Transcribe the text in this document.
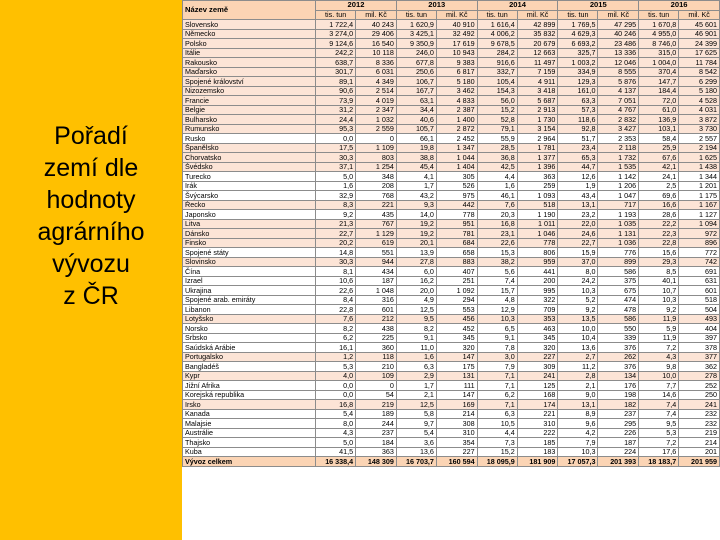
Pořadí
zemí dle
hodnoty
agrárního
vývozu
z ČR
Název země	2012		2013		2014		2015		2016	
	tis. tun	mil. Kč	tis. tun	mil. Kč	tis. tun	mil. Kč	tis. tun	mil. Kč	tis. tun	mil. Kč
Slovensko	1 722,4	40 243	1 620,9	40 910	1 616,4	42 899	1 769,5	47 295	1 670,8	45 601
Německo	3 274,0	29 406	3 425,1	32 492	4 006,2	35 832	4 629,3	40 246	4 955,0	46 901
Polsko	9 124,6	16 540	9 350,9	17 619	9 678,5	20 679	6 693,2	23 486	8 746,0	24 399
Itálie	242,2	10 118	246,0	10 943	284,2	12 663	325,7	13 336	315,0	17 625
Rakousko	638,7	8 336	677,8	9 383	916,6	11 497	1 003,2	12 046	1 004,0	11 784
Maďarsko	301,7	6 031	250,6	6 817	332,7	7 159	334,9	8 555	370,4	8 542
Spojené království	89,1	4 349	106,7	5 180	105,4	4 911	129,3	5 876	147,7	6 299
Nizozemsko	90,6	2 514	167,7	3 462	154,3	3 418	161,0	4 137	184,4	5 180
Francie	73,9	4 019	63,1	4 833	56,0	5 687	63,3	7 051	72,0	4 528
Belgie	31,2	2 347	34,4	2 387	15,2	2 913	57,3	4 767	61,0	4 031
Bulharsko	24,4	1 032	40,6	1 400	52,8	1 730	118,6	2 832	136,9	3 872
Rumunsko	95,3	2 559	105,7	2 872	79,1	3 154	92,8	3 427	103,1	3 730
Rusko	0,0	0	66,1	2 452	55,9	2 964	51,7	2 353	58,4	2 557
Španělsko	17,5	1 109	19,8	1 347	28,5	1 781	23,4	2 118	25,9	2 194
Chorvatsko	30,3	803	38,8	1 044	36,8	1 377	65,3	1 732	67,6	1 625
Švédsko	37,1	1 254	45,4	1 404	42,5	1 396	44,7	1 535	42,1	1 438
Turecko	5,0	348	4,1	305	4,4	363	12,6	1 142	24,1	1 344
Irák	1,6	208	1,7	526	1,6	259	1,9	1 206	2,5	1 201
Švýcarsko	32,9	768	43,2	975	46,1	1 093	43,4	1 047	69,6	1 175
Řecko	8,3	221	9,3	442	7,6	518	13,1	717	16,6	1 167
Japonsko	9,2	435	14,0	778	20,3	1 190	23,2	1 193	28,6	1 127
Litva	21,3	767	19,2	951	16,8	1 011	22,0	1 035	22,2	1 094
Dánsko	22,7	1 129	19,2	781	23,1	1 046	24,6	1 131	22,3	972
Finsko	20,2	619	20,1	684	22,6	778	22,7	1 036	22,8	896
Spojené státy	14,8	551	13,9	658	15,3	806	15,9	776	15,6	772
Slovinsko	30,3	944	27,8	883	38,2	959	37,0	899	29,3	742
Čína	8,1	434	6,0	407	5,6	441	8,0	586	8,5	691
Izrael	10,6	187	16,2	251	7,4	200	24,2	375	40,1	631
Ukrajina	22,6	1 048	20,0	1 092	15,7	995	10,3	675	10,7	601
Spojené arab. emiráty	8,4	316	4,9	294	4,8	322	5,2	474	10,3	518
Libanon	22,8	601	12,5	553	12,9	709	9,2	478	9,2	504
Lotyšsko	7,6	212	9,5	456	10,3	353	13,5	586	11,9	493
Norsko	8,2	438	8,2	452	6,5	463	10,0	550	5,9	404
Srbsko	6,2	225	9,1	345	9,1	345	10,4	339	11,9	397
Saúdská Arábie	16,1	360	11,0	320	7,8	320	13,6	376	7,2	378
Portugalsko	1,2	118	1,6	147	3,0	227	2,7	262	4,3	377
Bangladéš	5,3	210	6,3	175	7,9	309	11,2	376	9,8	362
Kypr	4,0	109	2,9	131	7,1	241	2,8	134	10,0	278
Jižní Afrika	0,0	0	1,7	111	7,1	125	2,1	176	7,7	252
Korejská republika	0,0	54	2,1	147	6,2	168	9,0	198	14,6	250
Irsko	16,8	219	12,5	169	7,1	174	13,1	182	7,4	241
Kanada	5,4	189	5,8	214	6,3	221	8,9	237	7,4	232
Malajsie	8,0	244	9,7	308	10,5	310	9,6	295	9,5	232
Austrálie	4,3	237	5,4	310	4,4	222	4,2	226	5,3	219
Thajsko	5,0	184	3,6	354	7,3	185	7,9	187	7,2	214
Kuba	41,5	363	13,6	227	15,2	183	10,3	224	17,6	201
Vývoz celkem	16 338,4	148 309	16 703,7	160 594	18 095,9	181 909	17 057,3	201 393	18 183,7	201 959
